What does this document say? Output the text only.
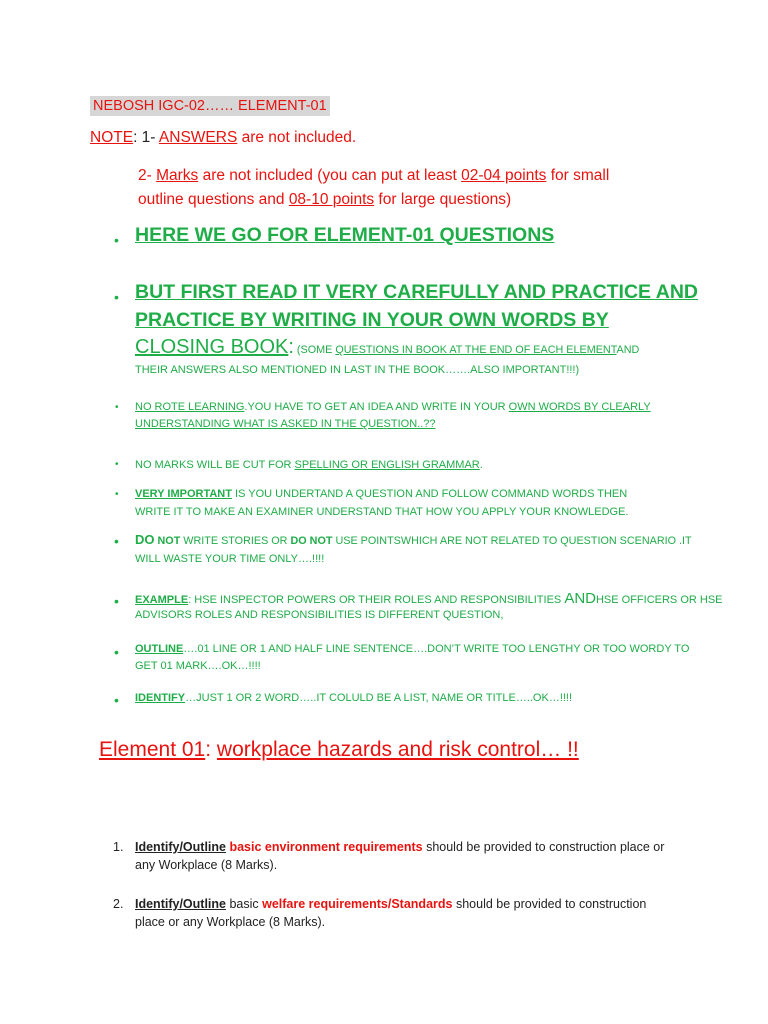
NEBOSH IGC-02…… ELEMENT-01
NOTE: 1- ANSWERS are not included.
2- Marks are not included (you can put at least 02-04 points for small
outline questions and 08-10 points for large questions)
• HERE WE GO FOR ELEMENT-01 QUESTIONS
• BUT FIRST READ IT VERY CAREFULLY AND PRACTICE AND
PRACTICE BY WRITING IN YOUR OWN WORDS BY
CLOSING BOOK: (SOME QUESTIONS IN BOOK AT THE END OF EACH ELEMENTAND
THEIR ANSWERS ALSO MENTIONED IN LAST IN THE BOOK…….ALSO IMPORTANT!!!)
• NO ROTE LEARNING.YOU HAVE TO GET AN IDEA AND WRITE IN YOUR OWN WORDS BY CLEARLY
UNDERSTANDING WHAT IS ASKED IN THE QUESTION..??
• NO MARKS WILL BE CUT FOR SPELLING OR ENGLISH GRAMMAR.
• VERY IMPORTANT IS YOU UNDERTAND A QUESTION AND FOLLOW COMMAND WORDS THEN
WRITE IT TO MAKE AN EXAMINER UNDERSTAND THAT HOW YOU APPLY YOUR KNOWLEDGE.
• DO NOT WRITE STORIES OR DO NOT USE POINTSWHICH ARE NOT RELATED TO QUESTION SCENARIO .IT
WILL WASTE YOUR TIME ONLY….!!!!
• EXAMPLE: HSE INSPECTOR POWERS OR THEIR ROLES AND RESPONSIBILITIES ANDHSE OFFICERS OR HSE
ADVISORS ROLES AND RESPONSIBILITIES IS DIFFERENT QUESTION,
• OUTLINE….01 LINE OR 1 AND HALF LINE SENTENCE….DON’T WRITE TOO LENGTHY OR TOO WORDY TO
GET 01 MARK….OK…!!!!
• IDENTIFY…JUST 1 OR 2 WORD…..IT COLULD BE A LIST, NAME OR TITLE…..OK…!!!!
Element 01: workplace hazards and risk control… !!
1. Identify/Outline basic environment requirements should be provided to construction place or
any Workplace (8 Marks).
2. Identify/Outline basic welfare requirements/Standards should be provided to construction
place or any Workplace (8 Marks).
